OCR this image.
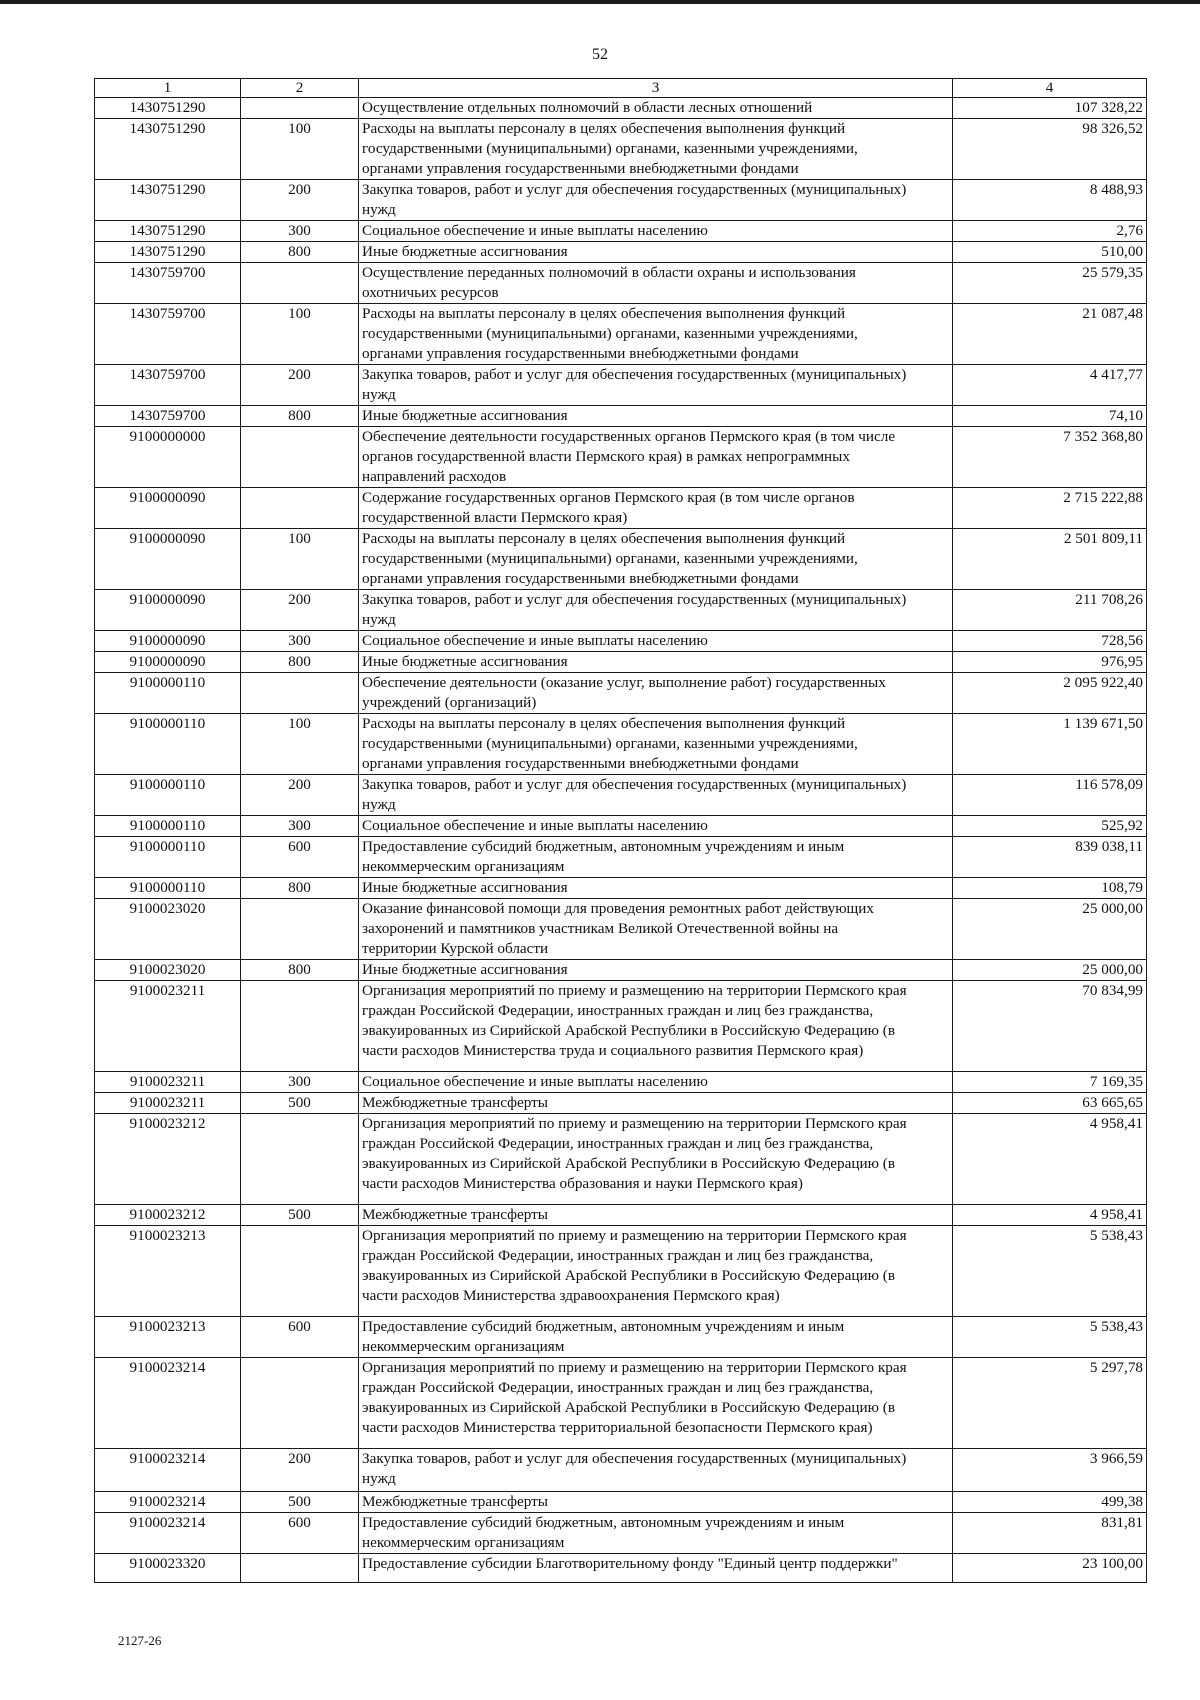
52
1	2	3	4
1430751290		Осуществление отдельных полномочий в области лесных отношений	107 328,22
1430751290	100	Расходы на выплаты персоналу в целях обеспечения выполнения функций
государственными (муниципальными) органами, казенными учреждениями,
органами управления государственными внебюджетными фондами	98 326,52
1430751290	200	Закупка товаров, работ и услуг для обеспечения государственных (муниципальных)
нужд	8 488,93
1430751290	300	Социальное обеспечение и иные выплаты населению	2,76
1430751290	800	Иные бюджетные ассигнования	510,00
1430759700		Осуществление переданных полномочий в области охраны и использования
охотничьих ресурсов	25 579,35
1430759700	100	Расходы на выплаты персоналу в целях обеспечения выполнения функций
государственными (муниципальными) органами, казенными учреждениями,
органами управления государственными внебюджетными фондами	21 087,48
1430759700	200	Закупка товаров, работ и услуг для обеспечения государственных (муниципальных)
нужд	4 417,77
1430759700	800	Иные бюджетные ассигнования	74,10
9100000000		Обеспечение деятельности государственных органов Пермского края (в том числе
органов государственной власти Пермского края) в рамках непрограммных
направлений расходов	7 352 368,80
9100000090		Содержание государственных органов Пермского края (в том числе органов
государственной власти Пермского края)	2 715 222,88
9100000090	100	Расходы на выплаты персоналу в целях обеспечения выполнения функций
государственными (муниципальными) органами, казенными учреждениями,
органами управления государственными внебюджетными фондами	2 501 809,11
9100000090	200	Закупка товаров, работ и услуг для обеспечения государственных (муниципальных)
нужд	211 708,26
9100000090	300	Социальное обеспечение и иные выплаты населению	728,56
9100000090	800	Иные бюджетные ассигнования	976,95
9100000110		Обеспечение деятельности (оказание услуг, выполнение работ) государственных
учреждений (организаций)	2 095 922,40
9100000110	100	Расходы на выплаты персоналу в целях обеспечения выполнения функций
государственными (муниципальными) органами, казенными учреждениями,
органами управления государственными внебюджетными фондами	1 139 671,50
9100000110	200	Закупка товаров, работ и услуг для обеспечения государственных (муниципальных)
нужд	116 578,09
9100000110	300	Социальное обеспечение и иные выплаты населению	525,92
9100000110	600	Предоставление субсидий бюджетным, автономным учреждениям и иным
некоммерческим организациям	839 038,11
9100000110	800	Иные бюджетные ассигнования	108,79
9100023020		Оказание финансовой помощи для проведения ремонтных работ действующих
захоронений и памятников участникам Великой Отечественной войны на
территории Курской области	25 000,00
9100023020	800	Иные бюджетные ассигнования	25 000,00
9100023211		Организация мероприятий по приему и размещению на территории Пермского края
граждан Российской Федерации, иностранных граждан и лиц без гражданства,
эвакуированных из Сирийской Арабской Республики в Российскую Федерацию (в
части расходов Министерства труда и социального развития Пермского края)	70 834,99
9100023211	300	Социальное обеспечение и иные выплаты населению	7 169,35
9100023211	500	Межбюджетные трансферты	63 665,65
9100023212		Организация мероприятий по приему и размещению на территории Пермского края
граждан Российской Федерации, иностранных граждан и лиц без гражданства,
эвакуированных из Сирийской Арабской Республики в Российскую Федерацию (в
части расходов Министерства образования и науки Пермского края)	4 958,41
9100023212	500	Межбюджетные трансферты	4 958,41
9100023213		Организация мероприятий по приему и размещению на территории Пермского края
граждан Российской Федерации, иностранных граждан и лиц без гражданства,
эвакуированных из Сирийской Арабской Республики в Российскую Федерацию (в
части расходов Министерства здравоохранения Пермского края)	5 538,43
9100023213	600	Предоставление субсидий бюджетным, автономным учреждениям и иным
некоммерческим организациям	5 538,43
9100023214		Организация мероприятий по приему и размещению на территории Пермского края
граждан Российской Федерации, иностранных граждан и лиц без гражданства,
эвакуированных из Сирийской Арабской Республики в Российскую Федерацию (в
части расходов Министерства территориальной безопасности Пермского края)	5 297,78
9100023214	200	Закупка товаров, работ и услуг для обеспечения государственных (муниципальных)
нужд	3 966,59
9100023214	500	Межбюджетные трансферты	499,38
9100023214	600	Предоставление субсидий бюджетным, автономным учреждениям и иным
некоммерческим организациям	831,81
9100023320		Предоставление субсидии Благотворительному фонду "Единый центр поддержки"	23 100,00
2127-26
